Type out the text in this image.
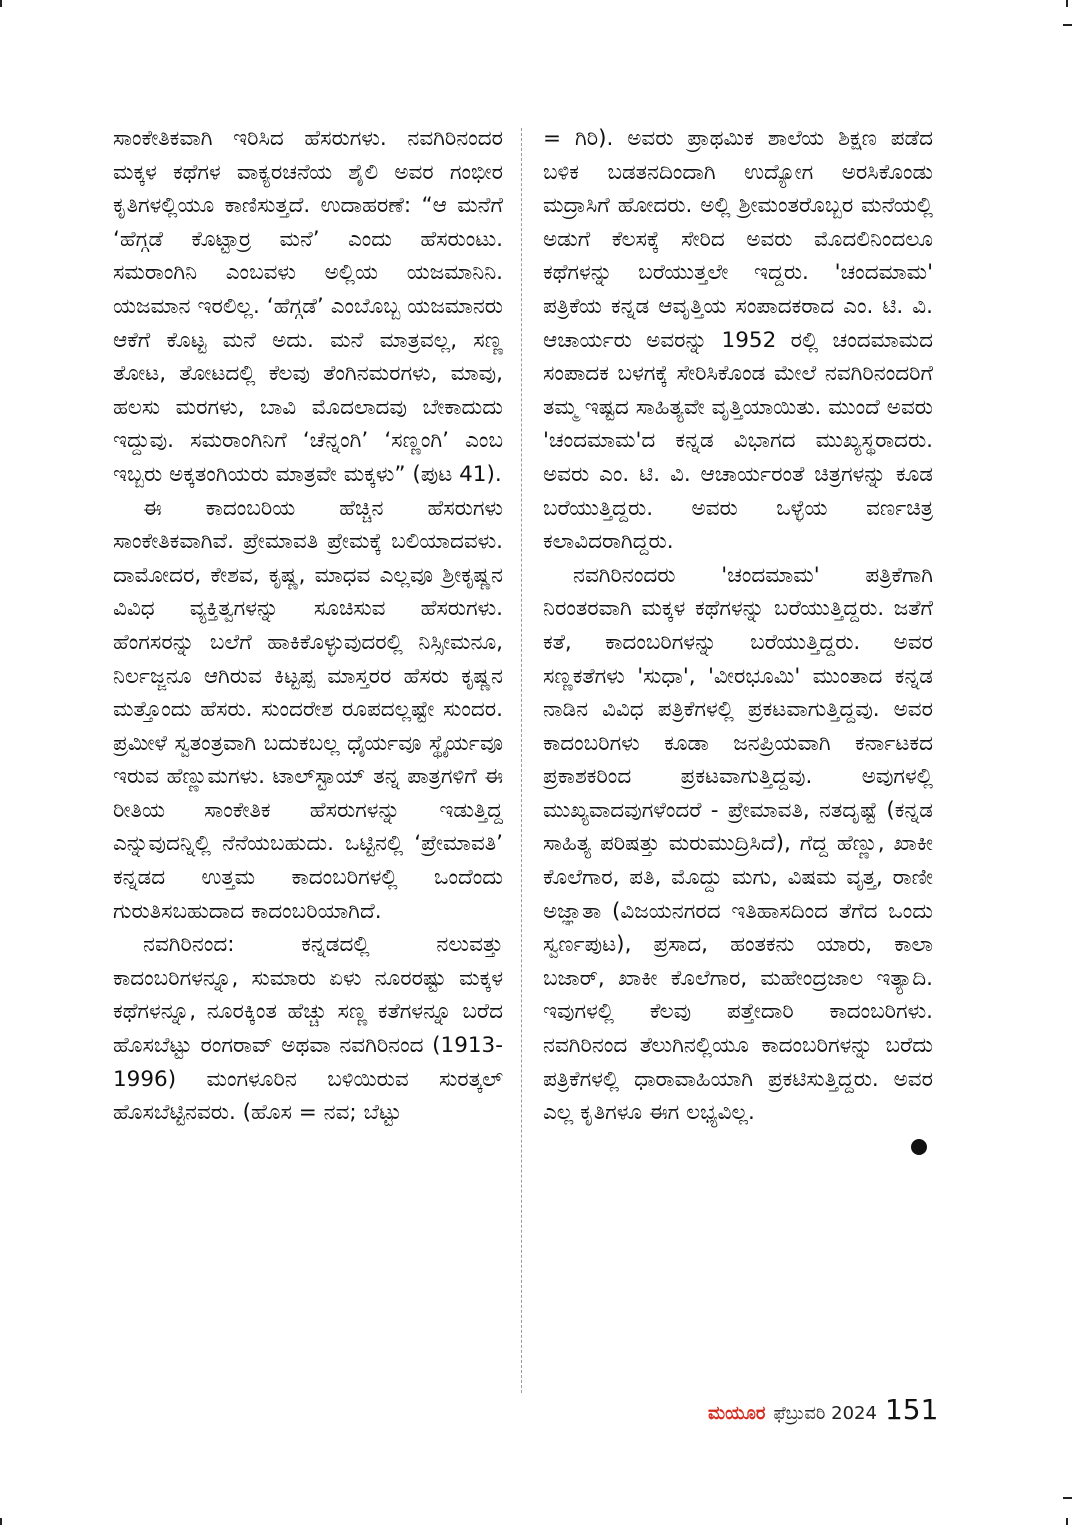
ಸಾಂಕೇತಿಕವಾಗಿ ಇರಿಸಿದ ಹೆಸರುಗಳು. ನವಗಿರಿನಂದರ ಮಕ್ಕಳ ಕಥೆಗಳ ವಾಕ್ಯರಚನೆಯ ಶೈಲಿ ಅವರ ಗಂಭೀರ ಕೃತಿಗಳಲ್ಲಿಯೂ ಕಾಣಿಸುತ್ತದೆ. ಉದಾಹರಣೆ: “ಆ ಮನೆಗೆ ‘ಹೆಗ್ಗಡೆ ಕೊಟ್ಟಾರ್ರ ಮನೆ’ ಎಂದು ಹೆಸರುಂಟು. ಸಮರಾಂಗಿನಿ ಎಂಬವಳು ಅಲ್ಲಿಯ ಯಜಮಾನಿನಿ. ಯಜಮಾನ ಇರಲಿಲ್ಲ. ‘ಹೆಗ್ಗಡೆ’ ಎಂಬೊಬ್ಬ ಯಜಮಾನರು ಆಕೆಗೆ ಕೊಟ್ಟ ಮನೆ ಅದು. ಮನೆ ಮಾತ್ರವಲ್ಲ, ಸಣ್ಣ ತೋಟ, ತೋಟದಲ್ಲಿ ಕೆಲವು ತೆಂಗಿನಮರಗಳು, ಮಾವು, ಹಲಸು ಮರಗಳು, ಬಾವಿ ಮೊದಲಾದವು ಬೇಕಾದುದು ಇದ್ದುವು. ಸಮರಾಂಗಿನಿಗೆ ‘ಚೆನ್ನಂಗಿ’ ‘ಸಣ್ಣಂಗಿ’ ಎಂಬ ಇಬ್ಬರು ಅಕ್ಕತಂಗಿಯರು ಮಾತ್ರವೇ ಮಕ್ಕಳು” (ಪುಟ 41).

ಈ ಕಾದಂಬರಿಯ ಹೆಚ್ಚಿನ ಹೆಸರುಗಳು ಸಾಂಕೇತಿಕವಾಗಿವೆ. ಪ್ರೇಮಾವತಿ ಪ್ರೇಮಕ್ಕೆ ಬಲಿಯಾದವಳು. ದಾಮೋದರ, ಕೇಶವ, ಕೃಷ್ಣ, ಮಾಧವ ಎಲ್ಲವೂ ಶ್ರೀಕೃಷ್ಣನ ವಿವಿಧ ವ್ಯಕ್ತಿತ್ವಗಳನ್ನು ಸೂಚಿಸುವ ಹೆಸರುಗಳು. ಹೆಂಗಸರನ್ನು ಬಲೆಗೆ ಹಾಕಿಕೊಳ್ಳುವುದರಲ್ಲಿ ನಿಸ್ಸೀಮನೂ, ನಿರ್ಲಜ್ಜನೂ ಆಗಿರುವ ಕಿಟ್ಟಪ್ಪ ಮಾಸ್ತರರ ಹೆಸರು ಕೃಷ್ಣನ ಮತ್ತೊಂದು ಹೆಸರು. ಸುಂದರೇಶ ರೂಪದಲ್ಲಷ್ಟೇ ಸುಂದರ. ಪ್ರಮೀಳೆ ಸ್ವತಂತ್ರವಾಗಿ ಬದುಕಬಲ್ಲ ಧೈರ್ಯವೂ ಸ್ಥೈರ್ಯವೂ ಇರುವ ಹೆಣ್ಣುಮಗಳು. ಟಾಲ್‌ಸ್ಟಾಯ್ ತನ್ನ ಪಾತ್ರಗಳಿಗೆ ಈ ರೀತಿಯ ಸಾಂಕೇತಿಕ ಹೆಸರುಗಳನ್ನು ಇಡುತ್ತಿದ್ದ ಎನ್ನುವುದನ್ನಿಲ್ಲಿ ನೆನೆಯಬಹುದು. ಒಟ್ಟಿನಲ್ಲಿ ‘ಪ್ರೇಮಾವತಿ’ ಕನ್ನಡದ ಉತ್ತಮ ಕಾದಂಬರಿಗಳಲ್ಲಿ ಒಂದೆಂದು ಗುರುತಿಸಬಹುದಾದ ಕಾದಂಬರಿಯಾಗಿದೆ.

ನವಗಿರಿನಂದ: ಕನ್ನಡದಲ್ಲಿ ನಲುವತ್ತು ಕಾದಂಬರಿಗಳನ್ನೂ, ಸುಮಾರು ಏಳು ನೂರರಷ್ಟು ಮಕ್ಕಳ ಕಥೆಗಳನ್ನೂ, ನೂರಕ್ಕಿಂತ ಹೆಚ್ಚು ಸಣ್ಣ ಕತೆಗಳನ್ನೂ ಬರೆದ ಹೊಸಬೆಟ್ಟು ರಂಗರಾವ್ ಅಥವಾ ನವಗಿರಿನಂದ (1913-1996) ಮಂಗಳೂರಿನ ಬಳಿಯಿರುವ ಸುರತ್ಕಲ್ ಹೊಸಬೆಟ್ಟಿನವರು. (ಹೊಸ = ನವ; ಬೆಟ್ಟು

= ಗಿರಿ). ಅವರು ಪ್ರಾಥಮಿಕ ಶಾಲೆಯ ಶಿಕ್ಷಣ ಪಡೆದ ಬಳಿಕ ಬಡತನದಿಂದಾಗಿ ಉದ್ಯೋಗ ಅರಸಿಕೊಂಡು ಮದ್ರಾಸಿಗೆ ಹೋದರು. ಅಲ್ಲಿ ಶ್ರೀಮಂತರೊಬ್ಬರ ಮನೆಯಲ್ಲಿ ಅಡುಗೆ ಕೆಲಸಕ್ಕೆ ಸೇರಿದ ಅವರು ಮೊದಲಿನಿಂದಲೂ ಕಥೆಗಳನ್ನು ಬರೆಯುತ್ತಲೇ ಇದ್ದರು. 'ಚಂದಮಾಮ' ಪತ್ರಿಕೆಯ ಕನ್ನಡ ಆವೃತ್ತಿಯ ಸಂಪಾದಕರಾದ ಎಂ. ಟಿ. ವಿ. ಆಚಾರ್ಯರು ಅವರನ್ನು 1952 ರಲ್ಲಿ ಚಂದಮಾಮದ ಸಂಪಾದಕ ಬಳಗಕ್ಕೆ ಸೇರಿಸಿಕೊಂಡ ಮೇಲೆ ನವಗಿರಿನಂದರಿಗೆ ತಮ್ಮ ಇಷ್ಟದ ಸಾಹಿತ್ಯವೇ ವೃತ್ತಿಯಾಯಿತು. ಮುಂದೆ ಅವರು 'ಚಂದಮಾಮ'ದ ಕನ್ನಡ ವಿಭಾಗದ ಮುಖ್ಯಸ್ಥರಾದರು. ಅವರು ಎಂ. ಟಿ. ವಿ. ಆಚಾರ್ಯರಂತೆ ಚಿತ್ರಗಳನ್ನು ಕೂಡ ಬರೆಯುತ್ತಿದ್ದರು. ಅವರು ಒಳ್ಳೆಯ ವರ್ಣಚಿತ್ರ ಕಲಾವಿದರಾಗಿದ್ದರು.

ನವಗಿರಿನಂದರು 'ಚಂದಮಾಮ' ಪತ್ರಿಕೆಗಾಗಿ ನಿರಂತರವಾಗಿ ಮಕ್ಕಳ ಕಥೆಗಳನ್ನು ಬರೆಯುತ್ತಿದ್ದರು. ಜತೆಗೆ ಕತೆ, ಕಾದಂಬರಿಗಳನ್ನು ಬರೆಯುತ್ತಿದ್ದರು. ಅವರ ಸಣ್ಣಕತೆಗಳು 'ಸುಧಾ', 'ವೀರಭೂಮಿ' ಮುಂತಾದ ಕನ್ನಡ ನಾಡಿನ ವಿವಿಧ ಪತ್ರಿಕೆಗಳಲ್ಲಿ ಪ್ರಕಟವಾಗುತ್ತಿದ್ದವು. ಅವರ ಕಾದಂಬರಿಗಳು ಕೂಡಾ ಜನಪ್ರಿಯವಾಗಿ ಕರ್ನಾಟಕದ ಪ್ರಕಾಶಕರಿಂದ ಪ್ರಕಟವಾಗುತ್ತಿದ್ದವು. ಅವುಗಳಲ್ಲಿ ಮುಖ್ಯವಾದವುಗಳೆಂದರೆ - ಪ್ರೇಮಾವತಿ, ನತದೃಷ್ಟೆ (ಕನ್ನಡ ಸಾಹಿತ್ಯ ಪರಿಷತ್ತು ಮರುಮುದ್ರಿಸಿದೆ), ಗೆದ್ದ ಹೆಣ್ಣು, ಖಾಕೀ ಕೊಲೆಗಾರ, ಪತಿ, ಮೊದ್ದು ಮಗು, ವಿಷಮ ವೃತ್ತ, ರಾಣೀ ಅಜ್ಞಾತಾ (ವಿಜಯನಗರದ ಇತಿಹಾಸದಿಂದ ತೆಗೆದ ಒಂದು ಸ್ವರ್ಣಪುಟ), ಪ್ರಸಾದ, ಹಂತಕನು ಯಾರು, ಕಾಲಾ ಬಜಾರ್, ಖಾಕೀ ಕೊಲೆಗಾರ, ಮಹೇಂದ್ರಜಾಲ ಇತ್ಯಾದಿ. ಇವುಗಳಲ್ಲಿ ಕೆಲವು ಪತ್ತೇದಾರಿ ಕಾದಂಬರಿಗಳು. ನವಗಿರಿನಂದ ತೆಲುಗಿನಲ್ಲಿಯೂ ಕಾದಂಬರಿಗಳನ್ನು ಬರೆದು ಪತ್ರಿಕೆಗಳಲ್ಲಿ ಧಾರಾವಾಹಿಯಾಗಿ ಪ್ರಕಟಿಸುತ್ತಿದ್ದರು. ಅವರ ಎಲ್ಲ ಕೃತಿಗಳೂ ಈಗ ಲಭ್ಯವಿಲ್ಲ.

ಮಯೂರ ಫೆಬ್ರುವರಿ 2024 151
